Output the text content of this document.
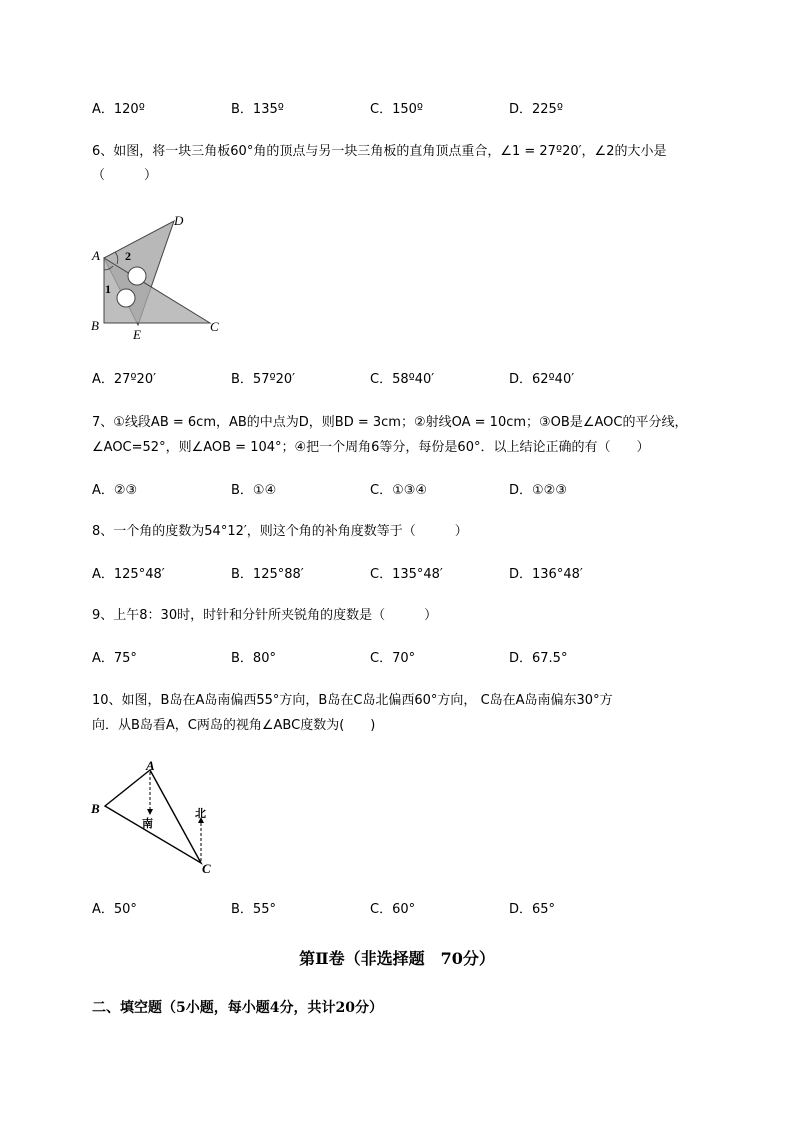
A．120º	B．135º	C．150º	D．225º
6、如图，将一块三角板60°角的顶点与另一块三角板的直角顶点重合，∠1 = 27º20′，∠2的大小是
（　　　）
A
D
B	C
E
1
2
A．27º20′	B．57º20′	C．58º40′	D．62º40′
7、①线段AB = 6cm，AB的中点为D，则BD = 3cm；②射线OA = 10cm；③OB是∠AOC的平分线，
∠AOC=52°，则∠AOB = 104°；④把一个周角6等分，每份是60°．以上结论正确的有（　　）
A．②③	B．①④	C．①③④	D．①②③
8、一个角的度数为54°12′，则这个角的补角度数等于（　　　）
A．125°48′	B．125°88′	C．135°48′	D．136°48′
9、上午8：30时，时针和分针所夹锐角的度数是（　　　）
A．75°	B．80°	C．70°	D．67.5°
10、如图，B岛在A岛南偏西55°方向，B岛在C岛北偏西60°方向， C岛在A岛南偏东30°方
向．从B岛看A，C两岛的视角∠ABC度数为(　　)
A
B
C
南
北
A．50°	B．55°	C．60°	D．65°
第Ⅱ卷（非选择题　70分）
二、填空题（5小题，每小题4分，共计20分）
